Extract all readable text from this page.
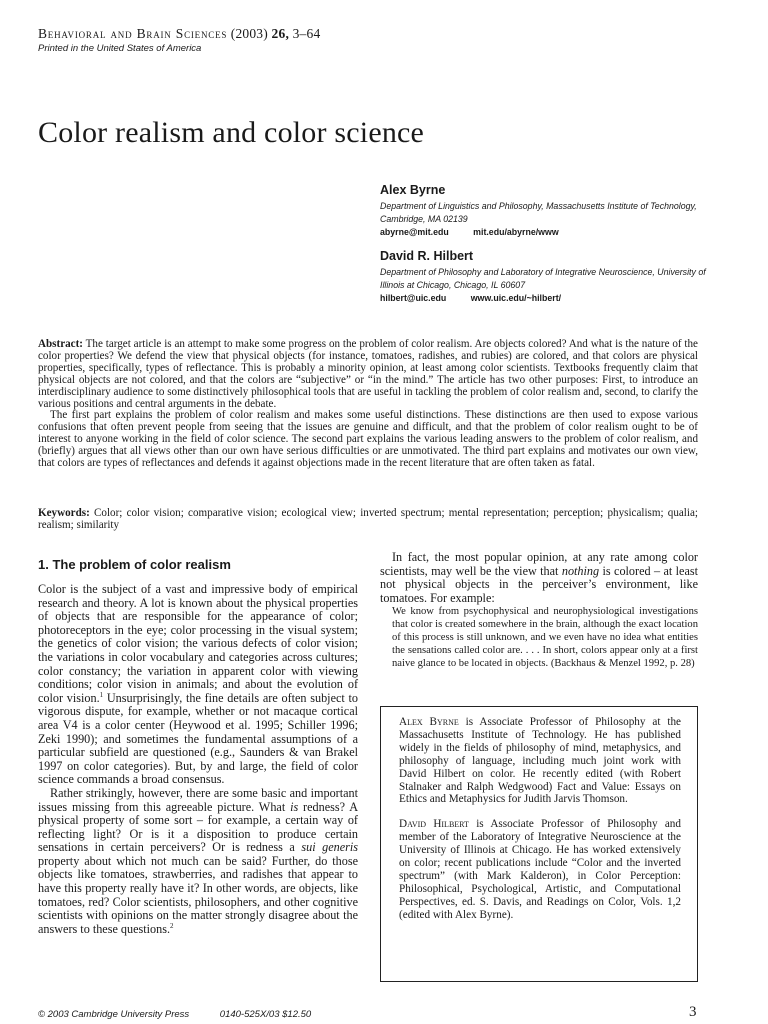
Behavioral and Brain Sciences (2003) 26, 3–64
Printed in the United States of America
Color realism and color science

Alex Byrne

Department of Linguistics and Philosophy, Massachusetts Institute of Technology, Cambridge, MA 02139

abyrne@mit.edu	mit.edu/abyrne/www

David R. Hilbert

Department of Philosophy and Laboratory of Integrative Neuroscience, University of Illinois at Chicago, Chicago, IL 60607

hilbert@uic.edu	www.uic.edu/~hilbert/

Abstract: The target article is an attempt to make some progress on the problem of color realism. Are objects colored? And what is the nature of the color properties? We defend the view that physical objects (for instance, tomatoes, radishes, and rubies) are colored, and that colors are physical properties, specifically, types of reflectance. This is probably a minority opinion, at least among color scientists. Textbooks frequently claim that physical objects are not colored, and that the colors are “subjective” or “in the mind.” The article has two other purposes: First, to introduce an interdisciplinary audience to some distinctively philosophical tools that are useful in tackling the problem of color realism and, second, to clarify the various positions and central arguments in the debate.

The first part explains the problem of color realism and makes some useful distinctions. These distinctions are then used to expose various confusions that often prevent people from seeing that the issues are genuine and difficult, and that the problem of color realism ought to be of interest to anyone working in the field of color science. The second part explains the various leading answers to the problem of color realism, and (briefly) argues that all views other than our own have serious difficulties or are unmotivated. The third part explains and motivates our own view, that colors are types of reflectances and defends it against objections made in the recent literature that are often taken as fatal.

Keywords: Color; color vision; comparative vision; ecological view; inverted spectrum; mental representation; perception; physicalism; qualia; realism; similarity
1. The problem of color realism

Color is the subject of a vast and impressive body of empirical research and theory. A lot is known about the physical properties of objects that are responsible for the appearance of color; photoreceptors in the eye; color processing in the visual system; the genetics of color vision; the various defects of color vision; the variations in color vocabulary and categories across cultures; color constancy; the variation in apparent color with viewing conditions; color vision in animals; and about the evolution of color vision.$^1$ Unsurprisingly, the fine details are often subject to vigorous dispute, for example, whether or not macaque cortical area V4 is a color center (Heywood et al. 1995; Schiller 1996; Zeki 1990); and sometimes the fundamental assumptions of a particular subfield are questioned (e.g., Saunders & van Brakel 1997 on color categories). But, by and large, the field of color science commands a broad consensus.

Rather strikingly, however, there are some basic and important issues missing from this agreeable picture. What is redness? A physical property of some sort – for example, a certain way of reflecting light? Or is it a disposition to produce certain sensations in certain perceivers? Or is redness a sui generis property about which not much can be said? Further, do those objects like tomatoes, strawberries, and radishes that appear to have this property really have it? In other words, are objects, like tomatoes, red? Color scientists, philosophers, and other cognitive scientists with opinions on the matter strongly disagree about the answers to these questions.$^2$

In fact, the most popular opinion, at any rate among color scientists, may well be the view that nothing is colored – at least not physical objects in the perceiver’s environment, like tomatoes. For example:

We know from psychophysical and neurophysiological investigations that color is created somewhere in the brain, although the exact location of this process is still unknown, and we even have no idea what entities the sensations called color are. . . . In short, colors appear only at a first naive glance to be located in objects. (Backhaus & Menzel 1992, p. 28)

Alex Byrne is Associate Professor of Philosophy at the Massachusetts Institute of Technology. He has published widely in the fields of philosophy of mind, metaphysics, and philosophy of language, including much joint work with David Hilbert on color. He recently edited (with Robert Stalnaker and Ralph Wedgwood) Fact and Value: Essays on Ethics and Metaphysics for Judith Jarvis Thomson.

David Hilbert is Associate Professor of Philosophy and member of the Laboratory of Integrative Neuroscience at the University of Illinois at Chicago. He has worked extensively on color; recent publications include “Color and the inverted spectrum” (with Mark Kalderon), in Color Perception: Philosophical, Psychological, Artistic, and Computational Perspectives, ed. S. Davis, and Readings on Color, Vols. 1,2 (edited with Alex Byrne).

© 2003 Cambridge University Press	0140-525X/03 $12.50	3
